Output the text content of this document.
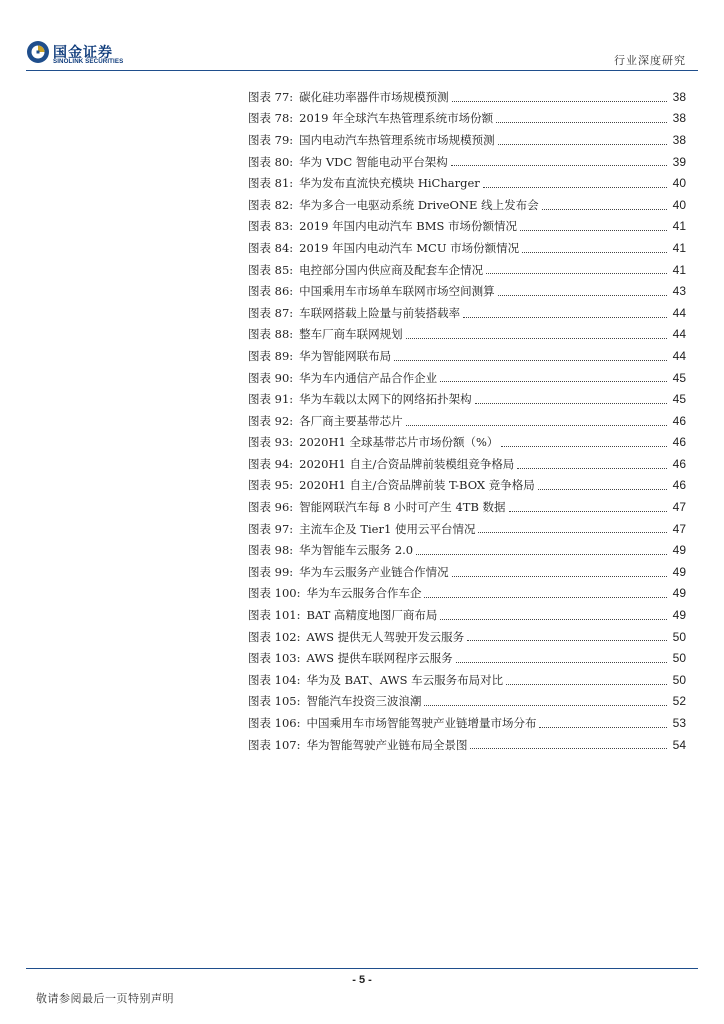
国金证券
SINOLINK SECURITIES	行业深度研究
图表 77: 碳化硅功率器件市场规模预测	38
图表 78: 2019 年全球汽车热管理系统市场份额	38
图表 79: 国内电动汽车热管理系统市场规模预测	38
图表 80: 华为 VDC 智能电动平台架构	39
图表 81: 华为发布直流快充模块 HiCharger	40
图表 82: 华为多合一电驱动系统 DriveONE 线上发布会	40
图表 83: 2019 年国内电动汽车 BMS 市场份额情况	41
图表 84: 2019 年国内电动汽车 MCU 市场份额情况	41
图表 85: 电控部分国内供应商及配套车企情况	41
图表 86: 中国乘用车市场单车联网市场空间测算	43
图表 87: 车联网搭载上险量与前装搭载率	44
图表 88: 整车厂商车联网规划	44
图表 89: 华为智能网联布局	44
图表 90: 华为车内通信产品合作企业	45
图表 91: 华为车载以太网下的网络拓扑架构	45
图表 92: 各厂商主要基带芯片	46
图表 93: 2020H1 全球基带芯片市场份额（%）	46
图表 94: 2020H1 自主/合资品牌前装模组竞争格局	46
图表 95: 2020H1 自主/合资品牌前装 T-BOX 竞争格局	46
图表 96: 智能网联汽车每 8 小时可产生 4TB 数据	47
图表 97: 主流车企及 Tier1 使用云平台情况	47
图表 98: 华为智能车云服务 2.0	49
图表 99: 华为车云服务产业链合作情况	49
图表 100: 华为车云服务合作车企	49
图表 101: BAT 高精度地图厂商布局	49
图表 102: AWS 提供无人驾驶开发云服务	50
图表 103: AWS 提供车联网程序云服务	50
图表 104: 华为及 BAT、AWS 车云服务布局对比	50
图表 105: 智能汽车投资三波浪潮	52
图表 106: 中国乘用车市场智能驾驶产业链增量市场分布	53
图表 107: 华为智能驾驶产业链布局全景图	54
- 5 -
敬请参阅最后一页特别声明
